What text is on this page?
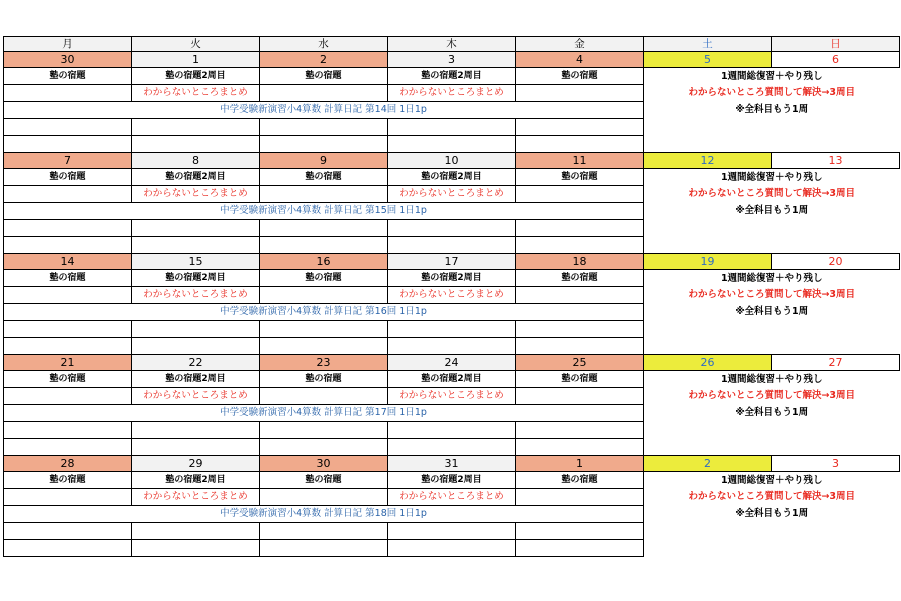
月	火	水	木	金	土	日
30	1	2	3	4	5	6
塾の宿題	塾の宿題2周目	塾の宿題	塾の宿題2周目	塾の宿題	1週間総復習＋やり残し	
	わからないところまとめ		わからないところまとめ		わからないところ質問して解決→3周目	
中学受験新演習小4算数 計算日記 第14回 1日1p					※全科目もう1周	

7	8	9	10	11	12	13
塾の宿題	塾の宿題2周目	塾の宿題	塾の宿題2周目	塾の宿題	1週間総復習＋やり残し	
	わからないところまとめ		わからないところまとめ		わからないところ質問して解決→3周目	
中学受験新演習小4算数 計算日記 第15回 1日1p					※全科目もう1周	

14	15	16	17	18	19	20
塾の宿題	塾の宿題2周目	塾の宿題	塾の宿題2周目	塾の宿題	1週間総復習＋やり残し	
	わからないところまとめ		わからないところまとめ		わからないところ質問して解決→3周目	
中学受験新演習小4算数 計算日記 第16回 1日1p					※全科目もう1周	

21	22	23	24	25	26	27
塾の宿題	塾の宿題2周目	塾の宿題	塾の宿題2周目	塾の宿題	1週間総復習＋やり残し	
	わからないところまとめ		わからないところまとめ		わからないところ質問して解決→3周目	
中学受験新演習小4算数 計算日記 第17回 1日1p					※全科目もう1周	

28	29	30	31	1	2	3
塾の宿題	塾の宿題2周目	塾の宿題	塾の宿題2周目	塾の宿題	1週間総復習＋やり残し	
	わからないところまとめ		わからないところまとめ		わからないところ質問して解決→3周目	
中学受験新演習小4算数 計算日記 第18回 1日1p					※全科目もう1周	
